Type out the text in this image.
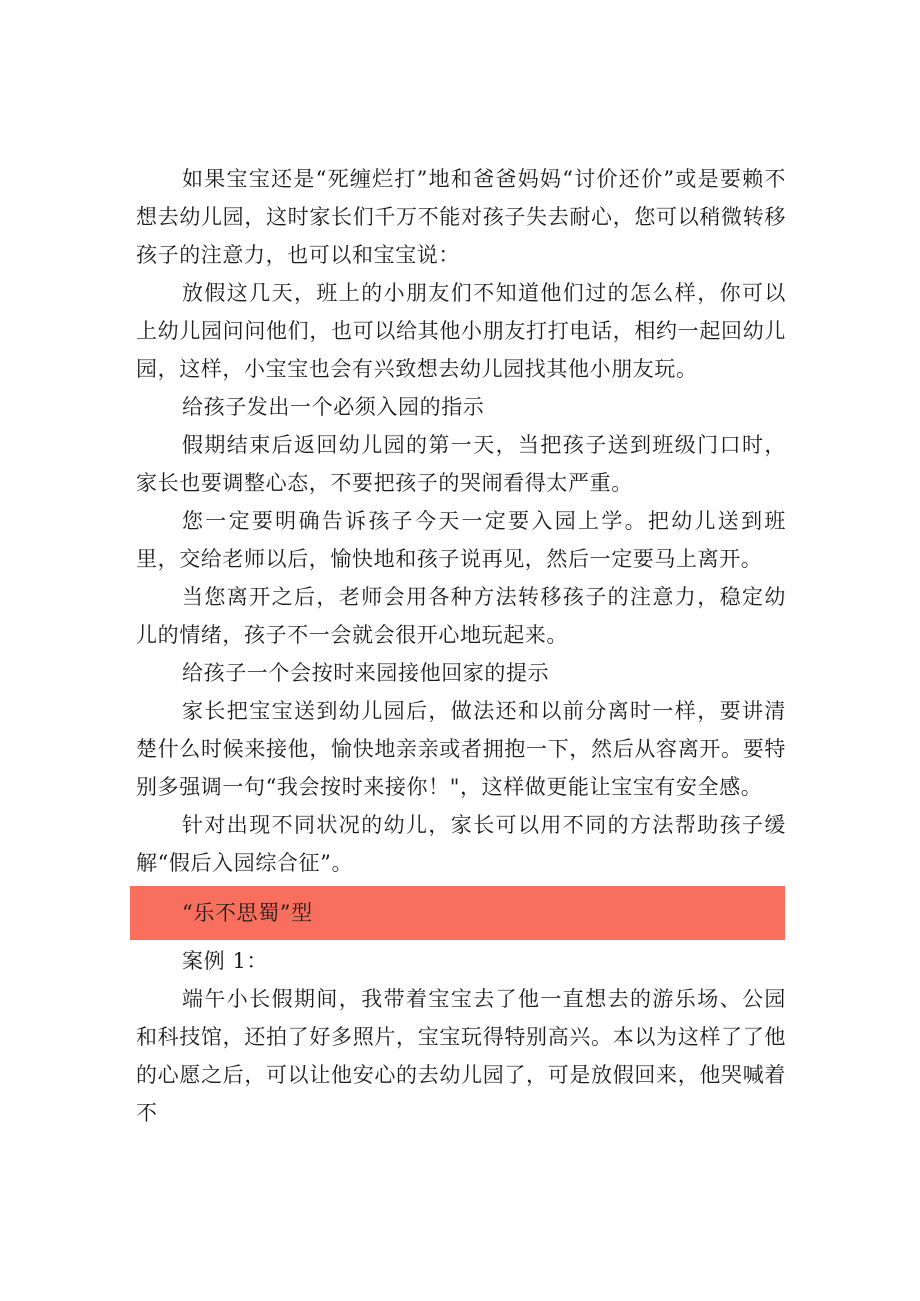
如果宝宝还是“死缠烂打”地和爸爸妈妈“讨价还价”或是要赖不想去幼儿园，这时家长们千万不能对孩子失去耐心，您可以稍微转移孩子的注意力，也可以和宝宝说：

放假这几天，班上的小朋友们不知道他们过的怎么样，你可以上幼儿园问问他们，也可以给其他小朋友打打电话，相约一起回幼儿园，这样，小宝宝也会有兴致想去幼儿园找其他小朋友玩。

给孩子发出一个必须入园的指示

假期结束后返回幼儿园的第一天，当把孩子送到班级门口时，家长也要调整心态，不要把孩子的哭闹看得太严重。

您一定要明确告诉孩子今天一定要入园上学。把幼儿送到班里，交给老师以后，愉快地和孩子说再见，然后一定要马上离开。

当您离开之后，老师会用各种方法转移孩子的注意力，稳定幼儿的情绪，孩子不一会就会很开心地玩起来。

给孩子一个会按时来园接他回家的提示

家长把宝宝送到幼儿园后，做法还和以前分离时一样，要讲清楚什么时候来接他，愉快地亲亲或者拥抱一下，然后从容离开。要特别多强调一句“我会按时来接你！"，这样做更能让宝宝有安全感。

针对出现不同状况的幼儿，家长可以用不同的方法帮助孩子缓解“假后入园综合征”。

“乐不思蜀”型

案例 1：

端午小长假期间，我带着宝宝去了他一直想去的游乐场、公园和科技馆，还拍了好多照片，宝宝玩得特别高兴。本以为这样了了他的心愿之后，可以让他安心的去幼儿园了，可是放假回来，他哭喊着不
